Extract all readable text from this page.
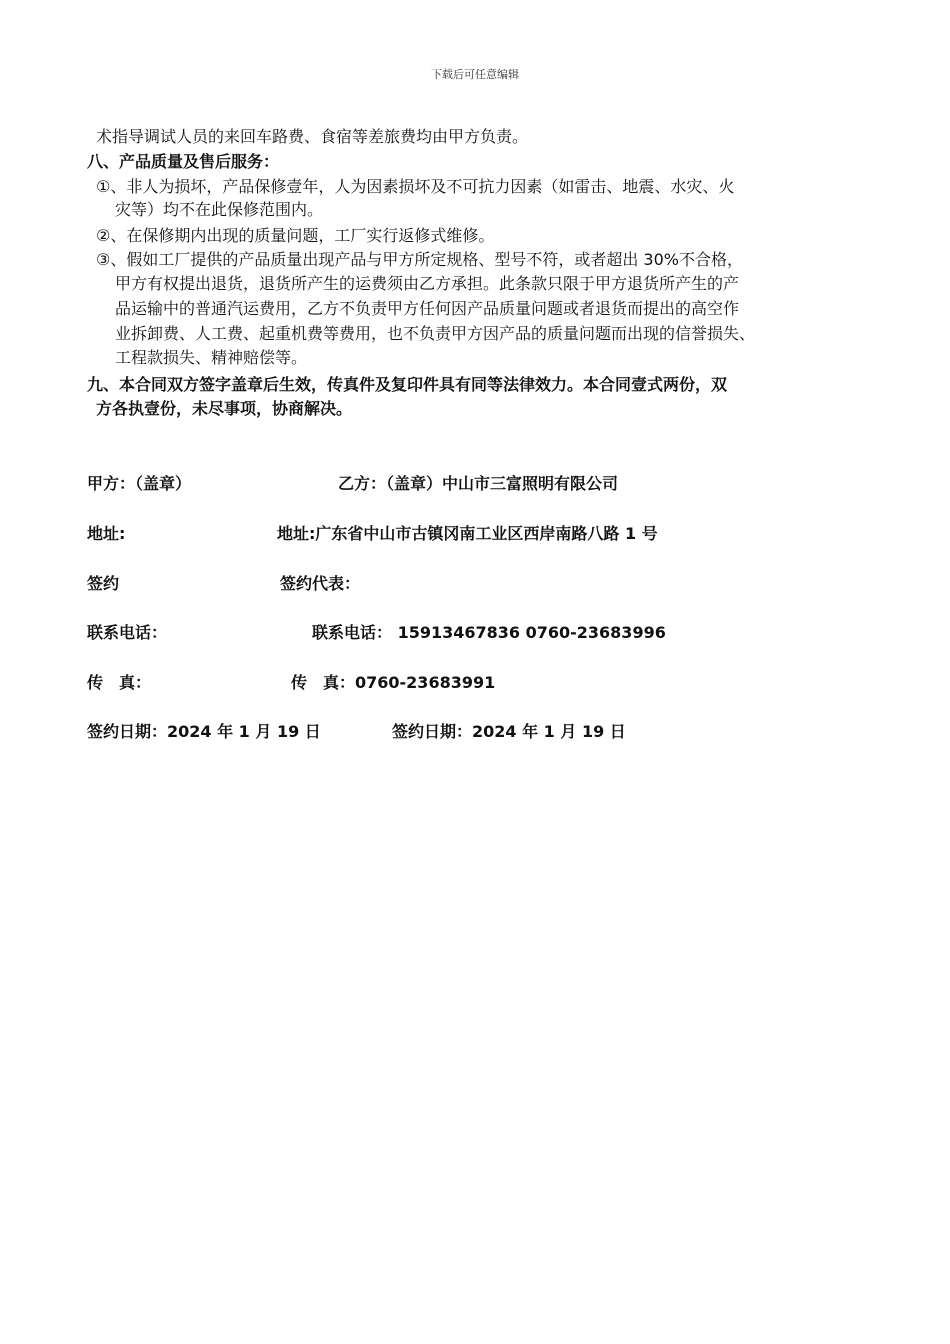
下载后可任意编辑
术指导调试人员的来回车路费、食宿等差旅费均由甲方负责。
八、产品质量及售后服务：
①、非人为损坏，产品保修壹年，人为因素损坏及不可抗力因素（如雷击、地震、水灾、火
灾等）均不在此保修范围内。
②、在保修期内出现的质量问题，工厂实行返修式维修。
③、假如工厂提供的产品质量出现产品与甲方所定规格、型号不符，或者超出 30%不合格，
甲方有权提出退货，退货所产生的运费须由乙方承担。此条款只限于甲方退货所产生的产
品运输中的普通汽运费用，乙方不负责甲方任何因产品质量问题或者退货而提出的高空作
业拆卸费、人工费、起重机费等费用，也不负责甲方因产品的质量问题而出现的信誉损失、
工程款损失、精神赔偿等。
九、本合同双方签字盖章后生效，传真件及复印件具有同等法律效力。本合同壹式两份，双
方各执壹份，未尽事项，协商解决。
甲方：（盖章）	乙方：（盖章）中山市三富照明有限公司
地址:	地址:广东省中山市古镇冈南工业区西岸南路八路 1 号
签约	签约代表：
联系电话：	联系电话： 15913467836 0760-23683996
传　真：	传　真：0760-23683991
签约日期：2024 年 1 月 19 日	签约日期：2024 年 1 月 19 日
